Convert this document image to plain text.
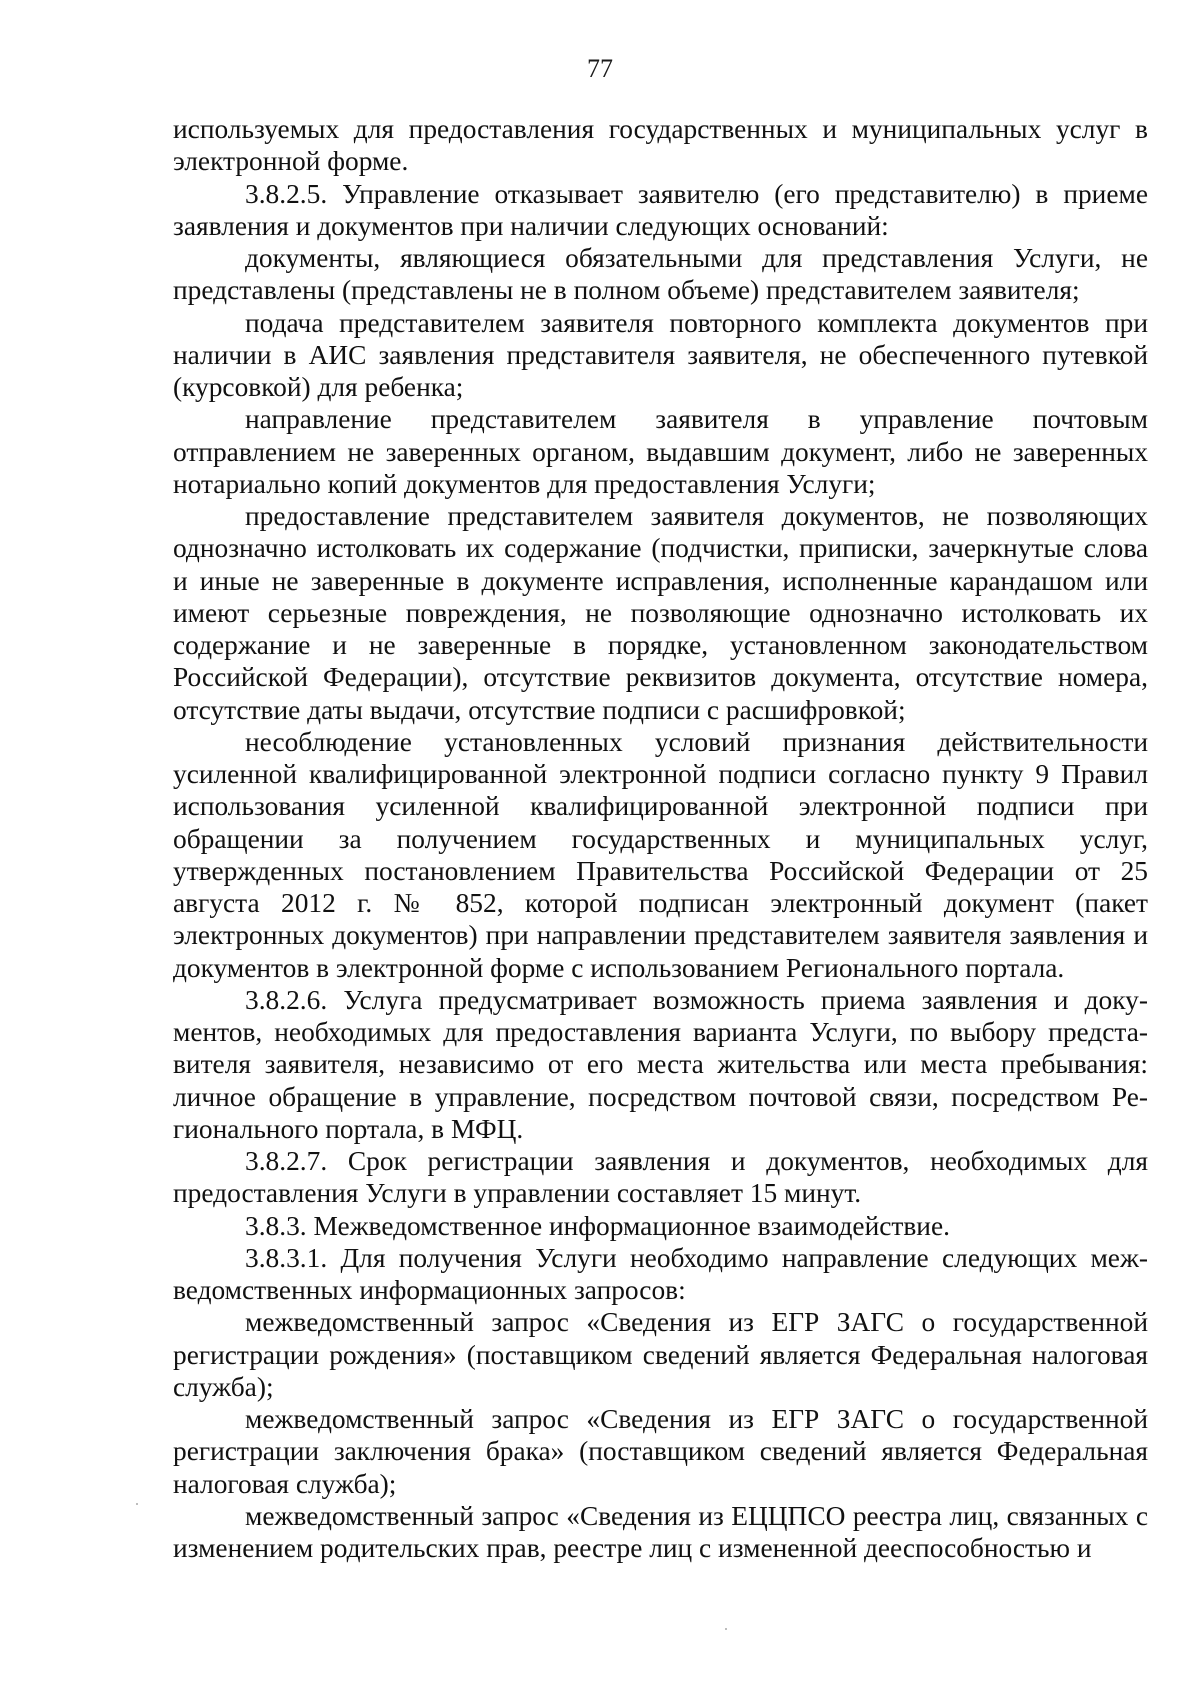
77

используемых для предоставления государственных и муниципальных услуг в электронной форме.

3.8.2.5. Управление отказывает заявителю (его представителю) в приеме заявления и документов при наличии следующих оснований:

документы, являющиеся обязательными для представления Услуги, не представлены (представлены не в полном объеме) представителем заявителя;

подача представителем заявителя повторного комплекта документов при наличии в АИС заявления представителя заявителя, не обеспеченного путевкой (курсовкой) для ребенка;

направление представителем заявителя в управление почтовым отправлением не заверенных органом, выдавшим документ, либо не заверенных нотариально копий документов для предоставления Услуги;

предоставление представителем заявителя документов, не позволяющих однозначно истолковать их содержание (подчистки, приписки, зачеркнутые слова и иные не заверенные в документе исправления, исполненные карандашом или имеют серьезные повреждения, не позволяющие однозначно истолковать их содержание и не заверенные в порядке, установленном законодательством Российской Федерации), отсутствие реквизитов документа, отсутствие номера, отсутствие даты выдачи, отсутствие подписи с расшифровкой;

несоблюдение установленных условий признания действительности усиленной квалифицированной электронной подписи согласно пункту 9 Правил использования усиленной квалифицированной электронной подписи при обращении за получением государственных и муниципальных услуг, утвержденных постановлением Правительства Российской Федерации от 25 августа 2012 г. № 852, которой подписан электронный документ (пакет электронных документов) при направлении представителем заявителя заявления и документов в электронной форме с использованием Регионального портала.

3.8.2.6. Услуга предусматривает возможность приема заявления и документов, необходимых для предоставления варианта Услуги, по выбору представителя заявителя, независимо от его места жительства или места пребывания: личное обращение в управление, посредством почтовой связи, посредством Регионального портала, в МФЦ.

3.8.2.7. Срок регистрации заявления и документов, необходимых для предоставления Услуги в управлении составляет 15 минут.

3.8.3. Межведомственное информационное взаимодействие.

3.8.3.1. Для получения Услуги необходимо направление следующих межведомственных информационных запросов:

межведомственный запрос «Сведения из ЕГР ЗАГС о государственной регистрации рождения» (поставщиком сведений является Федеральная налоговая служба);

межведомственный запрос «Сведения из ЕГР ЗАГС о государственной регистрации заключения брака» (поставщиком сведений является Федеральная налоговая служба);

межведомственный запрос «Сведения из ЕЦЦПСО реестра лиц, связанных с изменением родительских прав, реестре лиц с измененной дееспособностью и
